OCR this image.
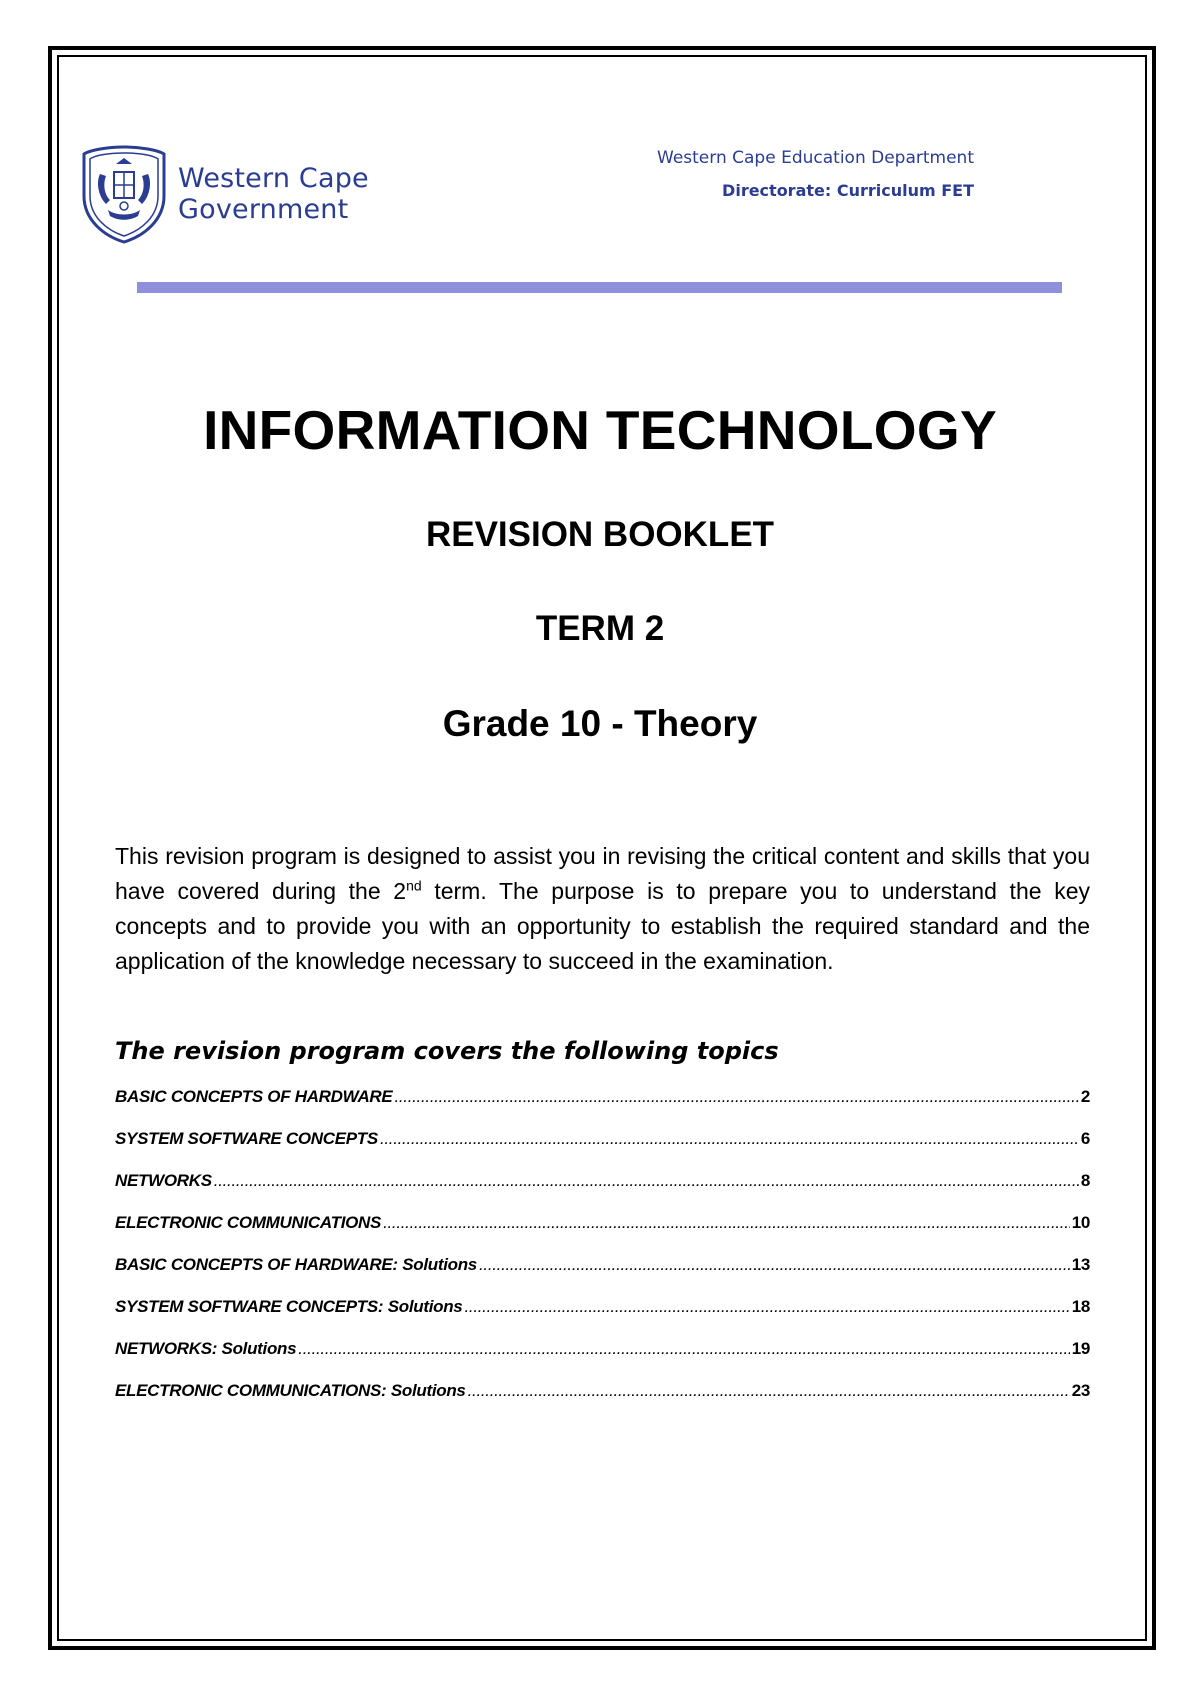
Western Cape
Government
Western Cape Education Department
Directorate: Curriculum FET
INFORMATION TECHNOLOGY
REVISION BOOKLET
TERM 2
Grade 10 - Theory

This revision program is designed to assist you in revising the critical content and skills that you have covered during the 2nd term. The purpose is to prepare you to understand the key concepts and to provide you with an opportunity to establish the required standard and the application of the knowledge necessary to succeed in the examination.

The revision program covers the following topics
BASIC CONCEPTS OF HARDWARE .....	2
SYSTEM SOFTWARE CONCEPTS .....	6
NETWORKS .....	8
ELECTRONIC COMMUNICATIONS .....	10
BASIC CONCEPTS OF HARDWARE: Solutions .....	13
SYSTEM SOFTWARE CONCEPTS: Solutions .....	18
NETWORKS: Solutions .....	19
ELECTRONIC COMMUNICATIONS: Solutions .....	23
